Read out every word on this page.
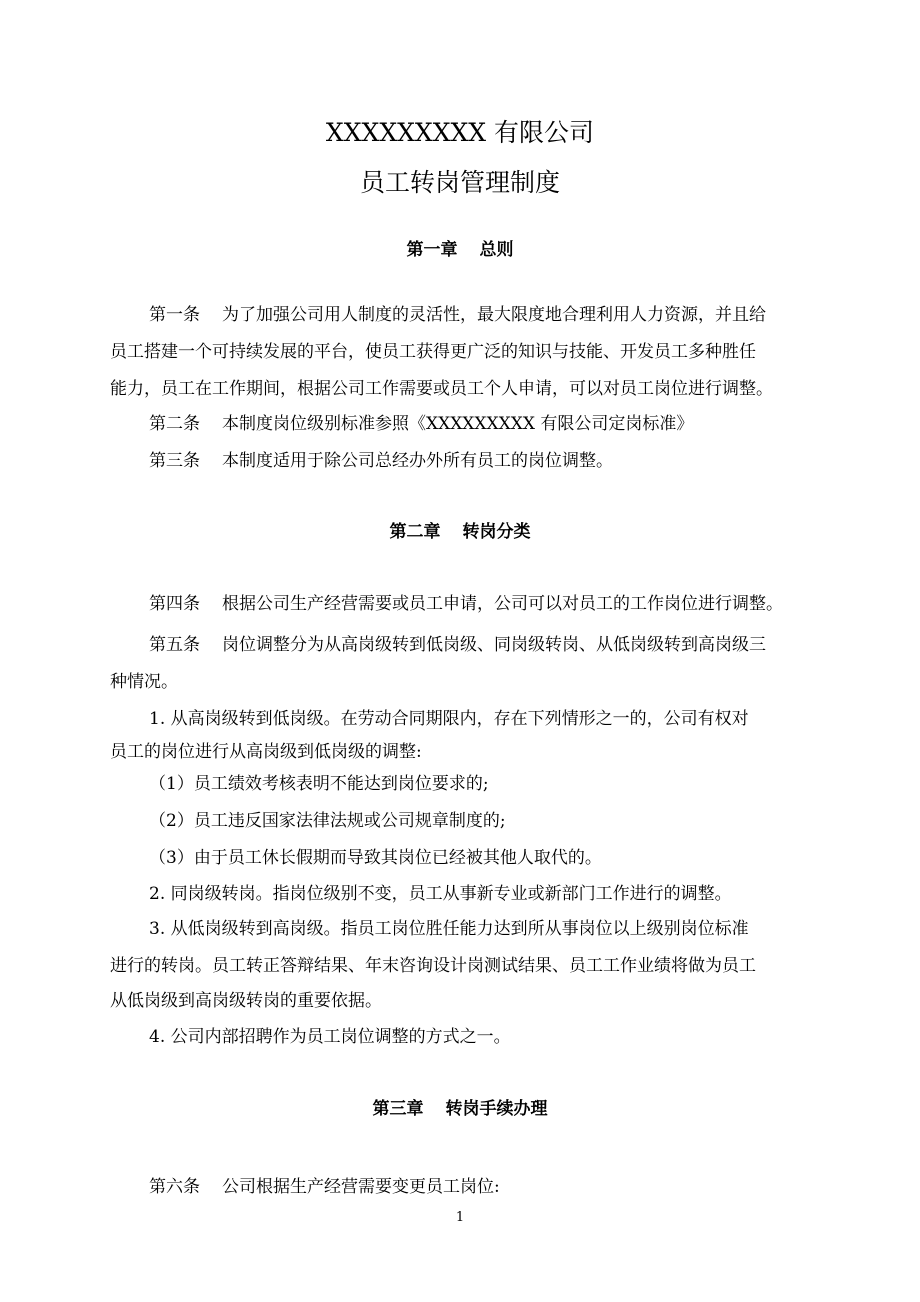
XXXXXXXXX 有限公司
员工转岗管理制度
第一章 总则
第一条 为了加强公司用人制度的灵活性，最大限度地合理利用人力资源，并且给
员工搭建一个可持续发展的平台，使员工获得更广泛的知识与技能、开发员工多种胜任
能力，员工在工作期间，根据公司工作需要或员工个人申请，可以对员工岗位进行调整。
第二条 本制度岗位级别标准参照《XXXXXXXXX 有限公司定岗标准》
第三条 本制度适用于除公司总经办外所有员工的岗位调整。
第二章 转岗分类
第四条 根据公司生产经营需要或员工申请，公司可以对员工的工作岗位进行调整。
第五条 岗位调整分为从高岗级转到低岗级、同岗级转岗、从低岗级转到高岗级三
种情况。
1. 从高岗级转到低岗级。在劳动合同期限内，存在下列情形之一的，公司有权对
员工的岗位进行从高岗级到低岗级的调整:
（1）员工绩效考核表明不能达到岗位要求的;
（2）员工违反国家法律法规或公司规章制度的;
（3）由于员工休长假期而导致其岗位已经被其他人取代的。
2. 同岗级转岗。指岗位级别不变，员工从事新专业或新部门工作进行的调整。
3. 从低岗级转到高岗级。指员工岗位胜任能力达到所从事岗位以上级别岗位标准
进行的转岗。员工转正答辩结果、年末咨询设计岗测试结果、员工工作业绩将做为员工
从低岗级到高岗级转岗的重要依据。
4. 公司内部招聘作为员工岗位调整的方式之一。
第三章 转岗手续办理
第六条 公司根据生产经营需要变更员工岗位:
1
